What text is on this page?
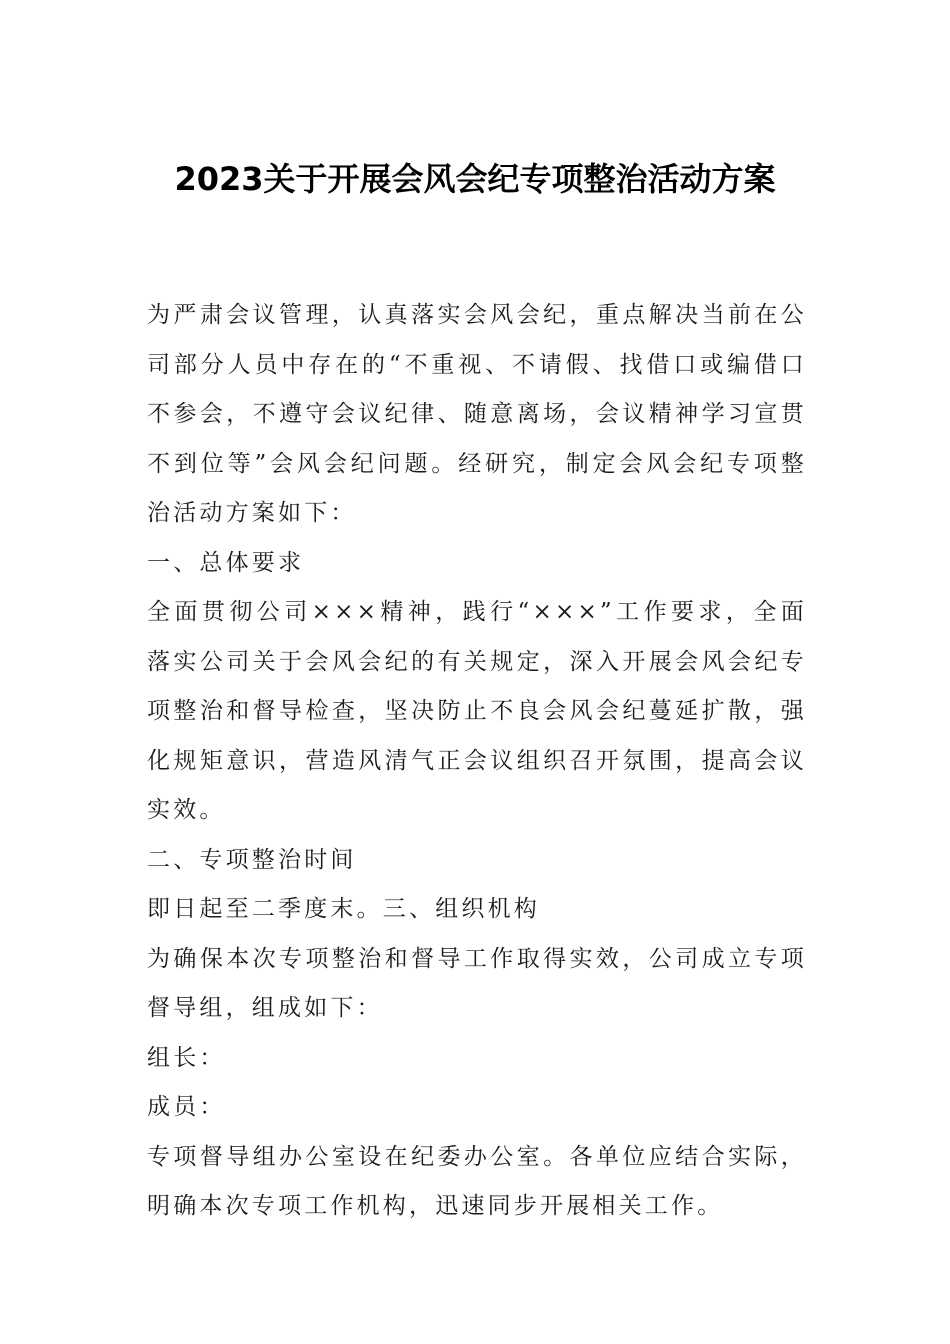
2023关于开展会风会纪专项整治活动方案

为严肃会议管理，认真落实会风会纪，重点解决当前在公司部分人员中存在的“不重视、不请假、找借口或编借口不参会，不遵守会议纪律、随意离场，会议精神学习宣贯不到位等”会风会纪问题。经研究，制定会风会纪专项整治活动方案如下：

一、总体要求

全面贯彻公司×××精神，践行“×××”工作要求，全面落实公司关于会风会纪的有关规定，深入开展会风会纪专项整治和督导检查，坚决防止不良会风会纪蔓延扩散，强化规矩意识，营造风清气正会议组织召开氛围，提高会议实效。

二、专项整治时间

即日起至二季度末。三、组织机构

为确保本次专项整治和督导工作取得实效，公司成立专项督导组，组成如下：

组长：

成员：

专项督导组办公室设在纪委办公室。各单位应结合实际，明确本次专项工作机构，迅速同步开展相关工作。
